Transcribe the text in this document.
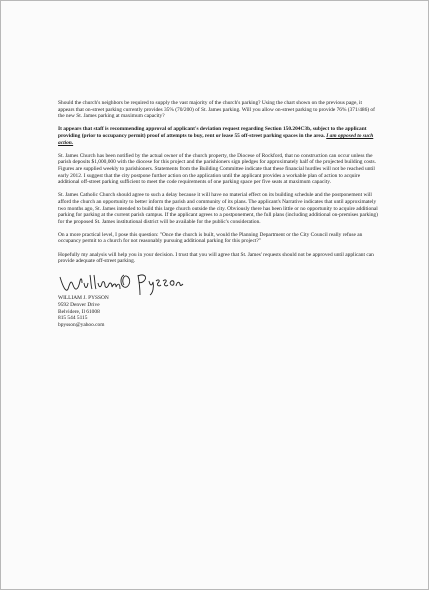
Should the church's neighbors be required to supply the vast majority of the church's parking? Using the chart shown on the previous page, it appears that on-street parking currently provides 35% (70/200) of St. James parking. Will you allow on-street parking to provide 76% (371/486) of the new St. James parking at maximum capacity?

It appears that staff is recommending approval of applicant's deviation request regarding Section 150.204C3b, subject to the applicant providing (prior to occupancy permit) proof of attempts to buy, rent or lease 55 off-street parking spaces in the area. I am opposed to such action.

St. James Church has been notified by the actual owner of the church property, the Diocese of Rockford, that no construction can occur unless the parish deposits $1,000,000 with the diocese for this project and the parishioners sign pledges for approximately half of the projected building costs. Figures are supplied weekly to parishioners. Statements from the Building Committee indicate that these financial hurdles will not be reached until early 2012. I suggest that the city postpone further action on the application until the applicant provides a workable plan of action to acquire additional off-street parking sufficient to meet the code requirements of one parking space per five seats at maximum capacity.

St. James Catholic Church should agree to such a delay because it will have no material effect on its building schedule and the postponement will afford the church an opportunity to better inform the parish and community of its plans. The applicant's Narrative indicates that until approximately two months ago, St. James intended to build this large church outside the city. Obviously there has been little or no opportunity to acquire additional parking for parking at the current parish campus. If the applicant agrees to a postponement, the full plans (including additional on-premises parking) for the proposed St. James institutional district will be available for the public's consideration.

On a more practical level, I pose this question: "Once the church is built, would the Planning Department or the City Council really refuse an occupancy permit to a church for not reasonably pursuing additional parking for this project?"

Hopefully my analysis will help you in your decision. I trust that you will agree that St. James' requests should not be approved until applicant can provide adequate off-street parking.

WILLIAM J. PYSSON

9592 Denver Drive

Belvidere, Il 61008

815 544 5115

bpysson@yahoo.com
